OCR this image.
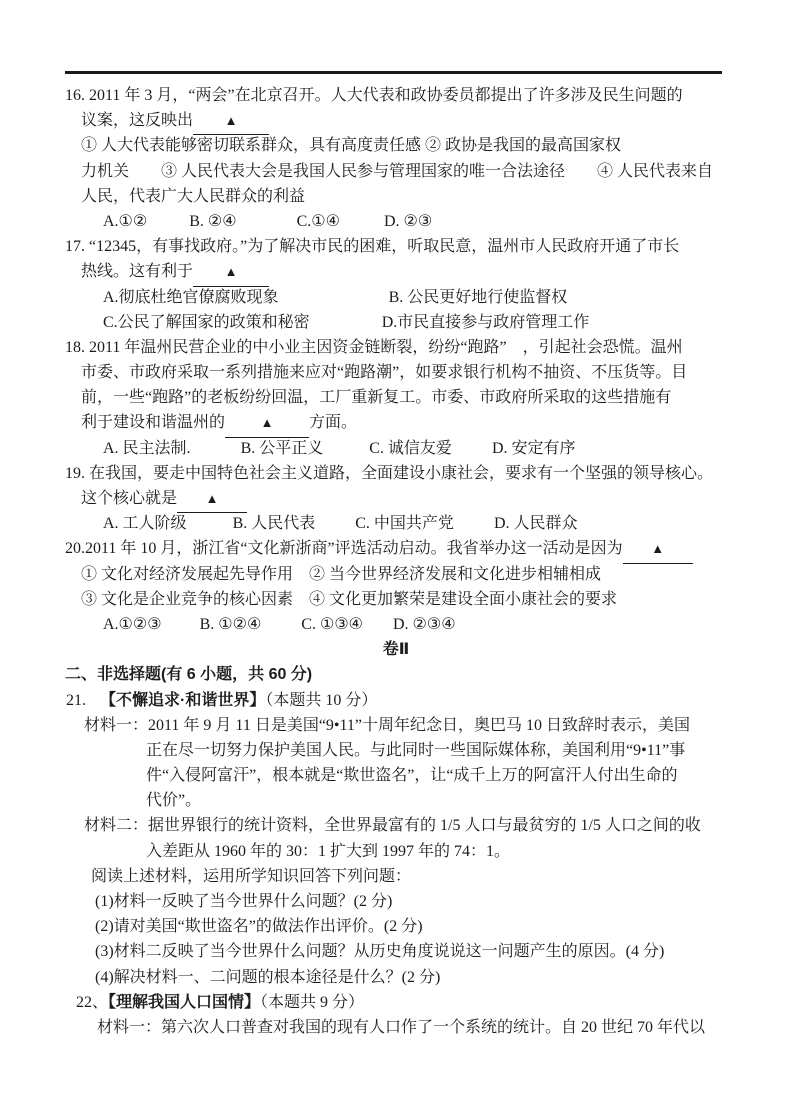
16. 2011 年 3 月，“两会”在北京召开。人大代表和政协委员都提出了许多涉及民生问题的
议案，这反映出 ▲
① 人大代表能够密切联系群众，具有高度责任感 ② 政协是我国的最高国家权
力机关　　③ 人民代表大会是我国人民参与管理国家的唯一合法途径　　④ 人民代表来自
人民，代表广大人民群众的利益
A.①②	B. ②④	C.①④	D. ②③
17. “12345，有事找政府。”为了解决市民的困难，听取民意，温州市人民政府开通了市长
热线。这有利于 ▲
A.彻底杜绝官僚腐败现象	B. 公民更好地行使监督权
C.公民了解国家的政策和秘密	D.市民直接参与政府管理工作
18. 2011 年温州民营企业的中小业主因资金链断裂，纷纷“跑路”　，引起社会恐慌。温州
市委、市政府采取一系列措施来应对“跑路潮”，如要求银行机构不抽资、不压货等。目
前，一些“跑路”的老板纷纷回温，工厂重新复工。市委、市政府所采取的这些措施有
利于建设和谐温州的	▲ 方面。
A. 民主法制.	B. 公平正义	C. 诚信友爱	D. 安定有序
19. 在我国，要走中国特色社会主义道路，全面建设小康社会，要求有一个坚强的领导核心。
这个核心就是 ▲
A. 工人阶级	B. 人民代表	C. 中国共产党	D. 人民群众
20.2011 年 10 月，浙江省“文化新浙商”评选活动启动。我省举办这一活动是因为 ▲
① 文化对经济发展起先导作用　② 当今世界经济发展和文化进步相辅相成
③ 文化是企业竞争的核心因素　④ 文化更加繁荣是建设全面小康社会的要求
A.①②③ B. ①②④	C. ①③④ D. ②③④
卷Ⅱ
二、非选择题(有 6 小题，共 60 分)
21. 【不懈追求·和谐世界】（本题共 10 分）
材料一：2011 年 9 月 11 日是美国“9•11”十周年纪念日，奥巴马 10 日致辞时表示，美国
正在尽一切努力保护美国人民。与此同时一些国际媒体称，美国利用“9•11”事
件“入侵阿富汗”，根本就是“欺世盗名”，让“成千上万的阿富汗人付出生命的
代价”。
材料二：据世界银行的统计资料，全世界最富有的 1/5 人口与最贫穷的 1/5 人口之间的收
入差距从 1960 年的 30：1 扩大到 1997 年的 74：1。
阅读上述材料，运用所学知识回答下列问题：
(1)材料一反映了当今世界什么问题？(2 分)
(2)请对美国“欺世盗名”的做法作出评价。(2 分)
(3)材料二反映了当今世界什么问题？从历史角度说说这一问题产生的原因。(4 分)
(4)解决材料一、二问题的根本途径是什么？(2 分)
22、【理解我国人口国情】（本题共 9 分）
材料一：第六次人口普查对我国的现有人口作了一个系统的统计。自 20 世纪 70 年代以
